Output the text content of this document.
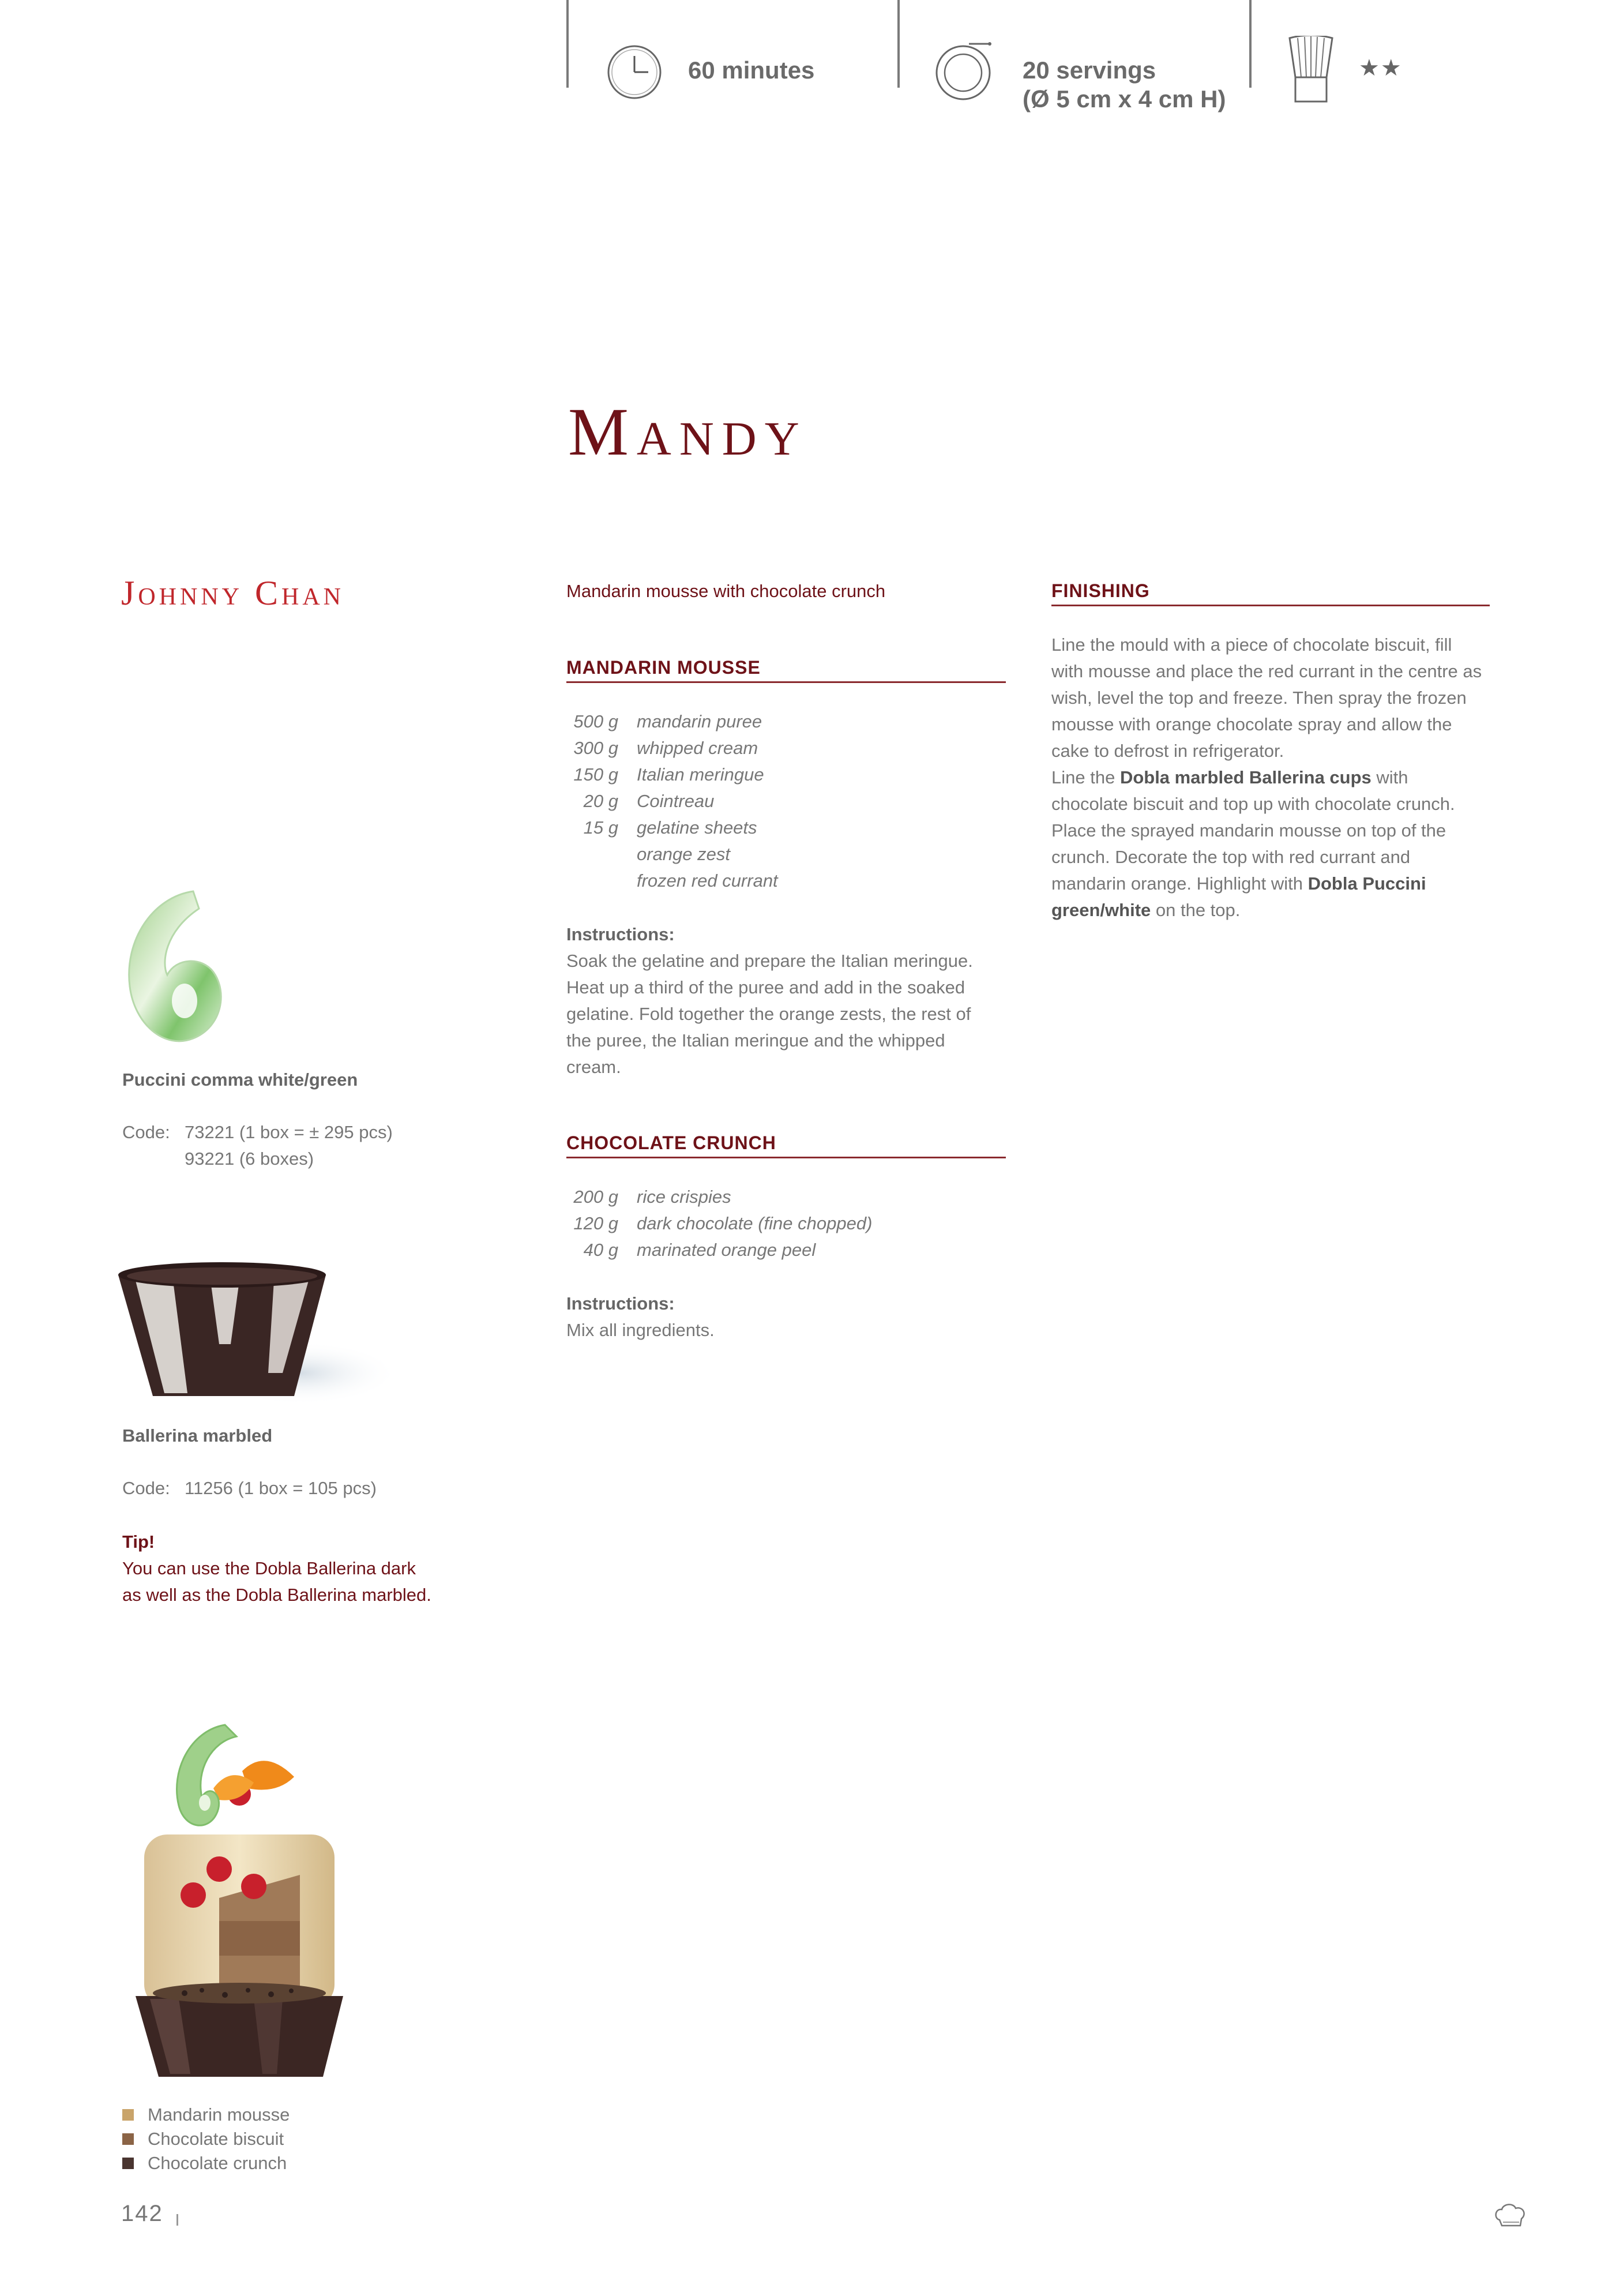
60 minutes	20 servings
(Ø 5 cm x 4 cm H)
★★
Mandy
Johnny Chan	Mandarin mousse with chocolate crunch
MANDARIN MOUSSE
500 g	mandarin puree
300 g	whipped cream
150 g	Italian meringue
20 g	Cointreau
15 g	gelatine sheets
orange zest
frozen red currant
Instructions:
Soak the gelatine and prepare the Italian meringue. Heat up a third of the puree and add in the soaked gelatine. Fold together the orange zests, the rest of the puree, the Italian meringue and the whipped cream.
CHOCOLATE CRUNCH
200 g	rice crispies
120 g	dark chocolate (fine chopped)
40 g	marinated orange peel
Instructions:
Mix all ingredients.
FINISHING
Line the mould with a piece of chocolate biscuit, fill with mousse and place the red currant in the centre as wish, level the top and freeze. Then spray the frozen mousse with orange chocolate spray and allow the cake to defrost in refrigerator.
Line the Dobla marbled Ballerina cups with chocolate biscuit and top up with chocolate crunch. Place the sprayed mandarin mousse on top of the crunch. Decorate the top with red currant and mandarin orange. Highlight with Dobla Puccini green/white on the top.
Puccini comma white/green
Code: 73221 (1 box = ± 295 pcs)
93221 (6 boxes)
Ballerina marbled
Code: 11256 (1 box = 105 pcs)
Tip!
You can use the Dobla Ballerina dark
as well as the Dobla Ballerina marbled.
Mandarin mousse
Chocolate biscuit
Chocolate crunch
142
